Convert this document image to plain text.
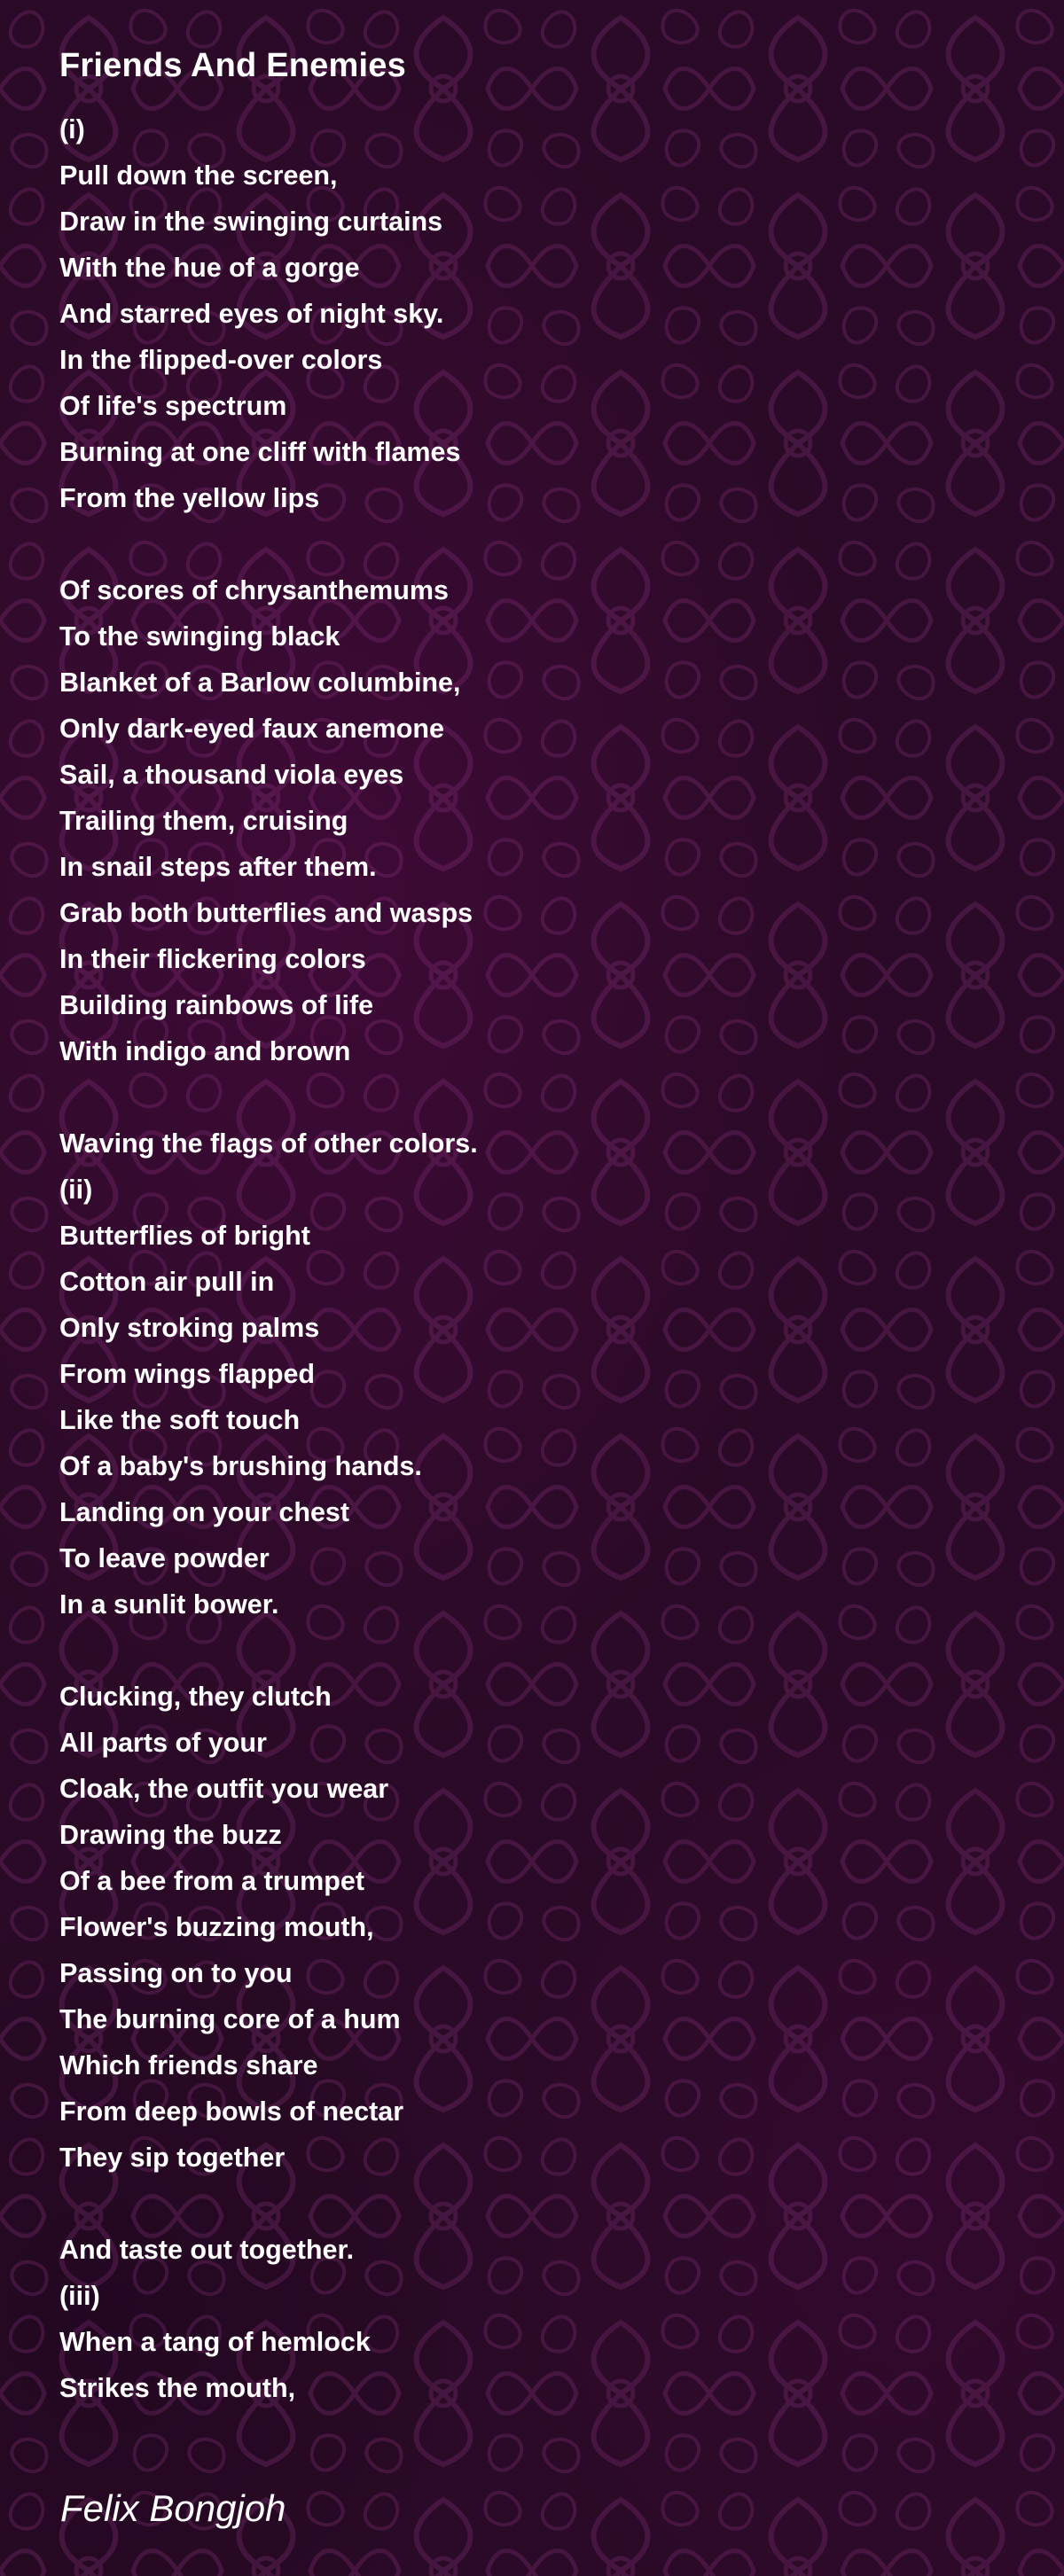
Friends And Enemies
(i)
Pull down the screen,
Draw in the swinging curtains
With the hue of a gorge
And starred eyes of night sky.
In the flipped-over colors
Of life's spectrum
Burning at one cliff with flames
From the yellow lips
Of scores of chrysanthemums
To the swinging black
Blanket of a Barlow columbine,
Only dark-eyed faux anemone
Sail, a thousand viola eyes
Trailing them, cruising
In snail steps after them.
Grab both butterflies and wasps
In their flickering colors
Building rainbows of life
With indigo and brown
Waving the flags of other colors.
(ii)
Butterflies of bright
Cotton air pull in
Only stroking palms
From wings flapped
Like the soft touch
Of a baby's brushing hands.
Landing on your chest
To leave powder
In a sunlit bower.
Clucking, they clutch
All parts of your
Cloak, the outfit you wear
Drawing the buzz
Of a bee from a trumpet
Flower's buzzing mouth,
Passing on to you
The burning core of a hum
Which friends share
From deep bowls of nectar
They sip together
And taste out together.
(iii)
When a tang of hemlock
Strikes the mouth,
Felix Bongjoh
